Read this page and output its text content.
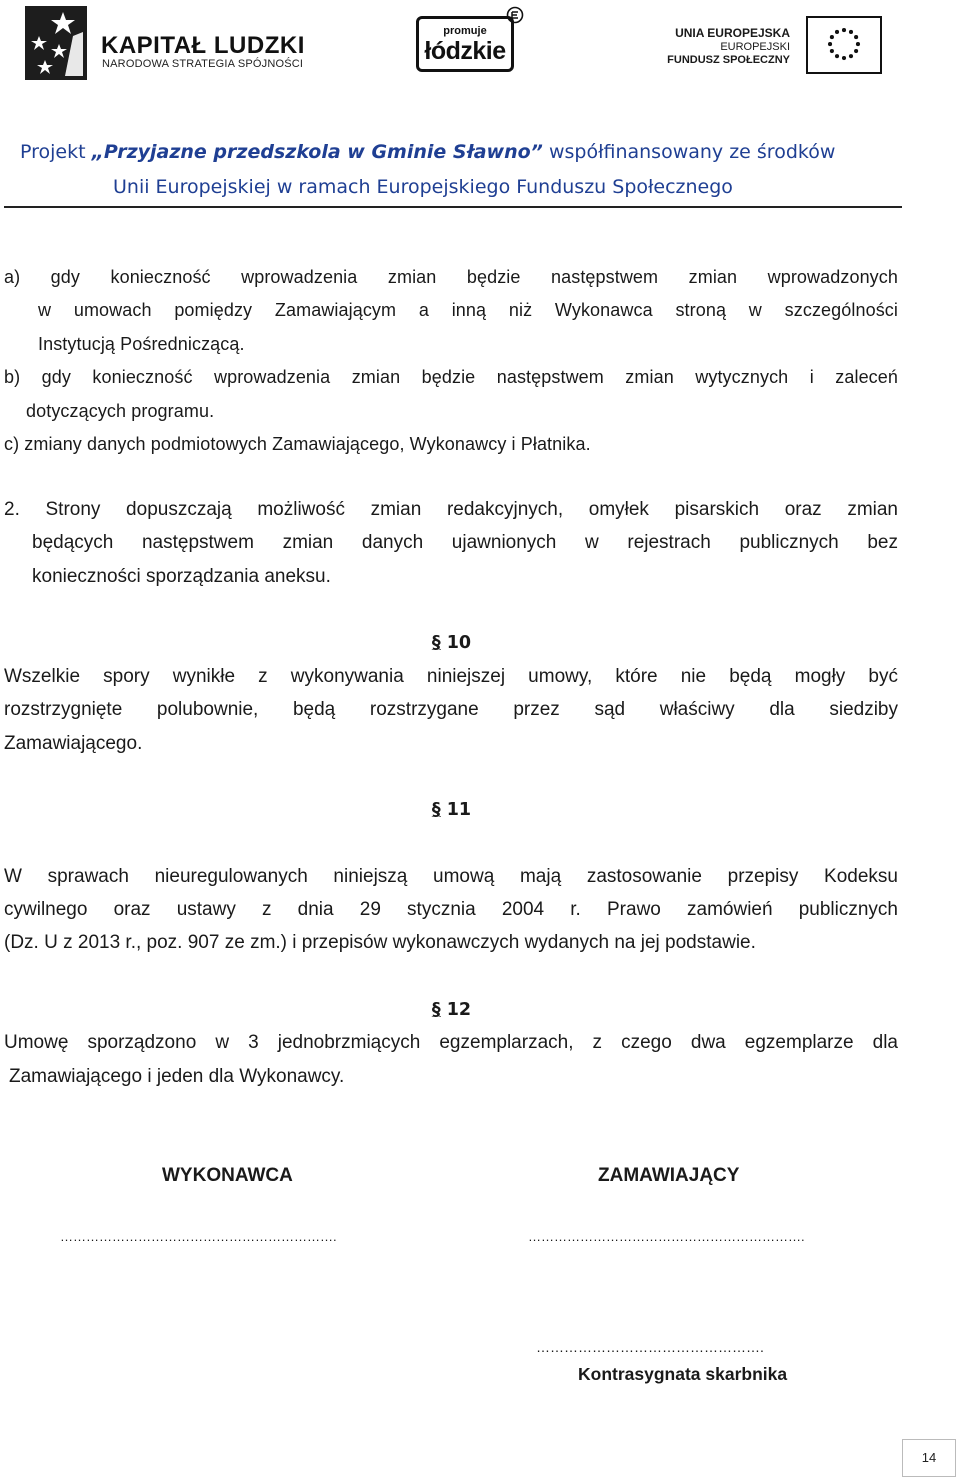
KAPITAŁ LUDZKI
NARODOWA STRATEGIA SPÓJNOŚCI
promuje
łódzkie
UNIA EUROPEJSKA
EUROPEJSKI
FUNDUSZ SPOŁECZNY
Projekt „Przyjazne przedszkola w Gminie Sławno” współfinansowany ze środków
Unii Europejskiej w ramach Europejskiego Funduszu Społecznego
a) gdy konieczność wprowadzenia zmian będzie następstwem zmian wprowadzonych
w umowach pomiędzy Zamawiającym a inną niż Wykonawca stroną w szczególności
Instytucją Pośredniczącą.
b) gdy konieczność wprowadzenia zmian będzie następstwem zmian wytycznych i zaleceń
dotyczących programu.
c) zmiany danych podmiotowych Zamawiającego, Wykonawcy i Płatnika.
2. Strony dopuszczają możliwość zmian redakcyjnych, omyłek pisarskich oraz zmian
będących następstwem zmian danych ujawnionych w rejestrach publicznych bez
konieczności sporządzania aneksu.
§ 10
Wszelkie spory wynikłe z wykonywania niniejszej umowy, które nie będą mogły być
rozstrzygnięte polubownie, będą rozstrzygane przez sąd właściwy dla siedziby
Zamawiającego.
§ 11
W sprawach nieuregulowanych niniejszą umową mają zastosowanie przepisy Kodeksu
cywilnego oraz ustawy z dnia 29 stycznia 2004 r. Prawo zamówień publicznych
(Dz. U z 2013 r., poz. 907 ze zm.) i przepisów wykonawczych wydanych na jej podstawie.
§ 12
Umowę sporządzono w 3 jednobrzmiących egzemplarzach, z czego dwa egzemplarze dla
Zamawiającego i jeden dla Wykonawcy.
WYKONAWCA	ZAMAWIAJĄCY
……………………………………………………….	……………………………………………………….
………………………………………….
Kontrasygnata skarbnika
14
